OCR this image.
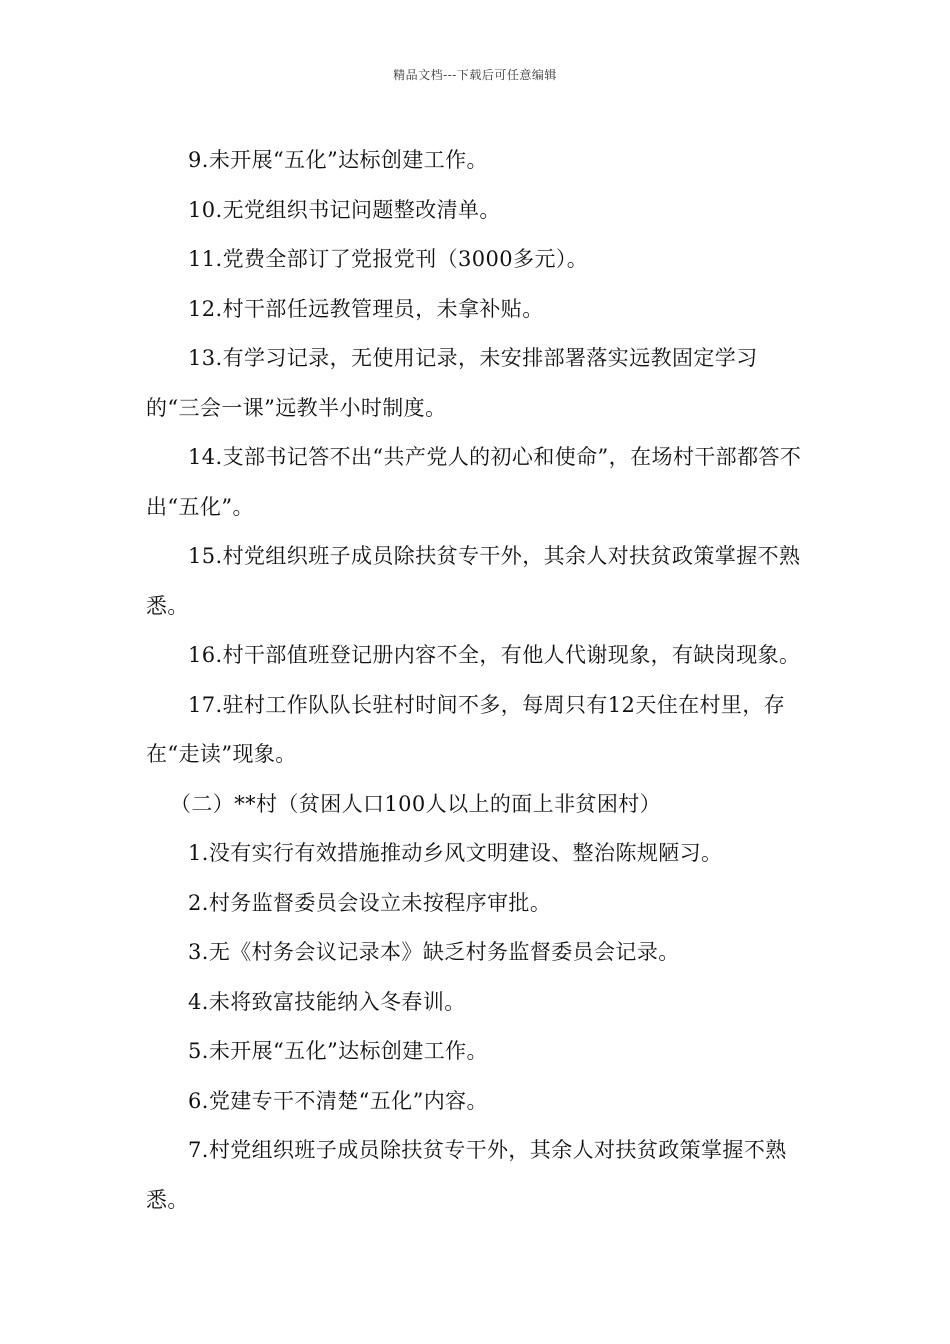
精品文档---下载后可任意编辑

9.未开展“五化”达标创建工作。

10.无党组织书记问题整改清单。

11.党费全部订了党报党刊（3000多元）。

12.村干部任远教管理员，未拿补贴。

13.有学习记录，无使用记录，未安排部署落实远教固定学习的“三会一课”远教半小时制度。

14.支部书记答不出“共产党人的初心和使命”，在场村干部都答不出“五化”。

15.村党组织班子成员除扶贫专干外，其余人对扶贫政策掌握不熟悉。

16.村干部值班登记册内容不全，有他人代谢现象，有缺岗现象。

17.驻村工作队队长驻村时间不多，每周只有12天住在村里，存在“走读”现象。

（二）**村（贫困人口100人以上的面上非贫困村）

1.没有实行有效措施推动乡风文明建设、整治陈规陋习。

2.村务监督委员会设立未按程序审批。

3.无《村务会议记录本》缺乏村务监督委员会记录。

4.未将致富技能纳入冬春训。

5.未开展“五化”达标创建工作。

6.党建专干不清楚“五化”内容。

7.村党组织班子成员除扶贫专干外，其余人对扶贫政策掌握不熟悉。
